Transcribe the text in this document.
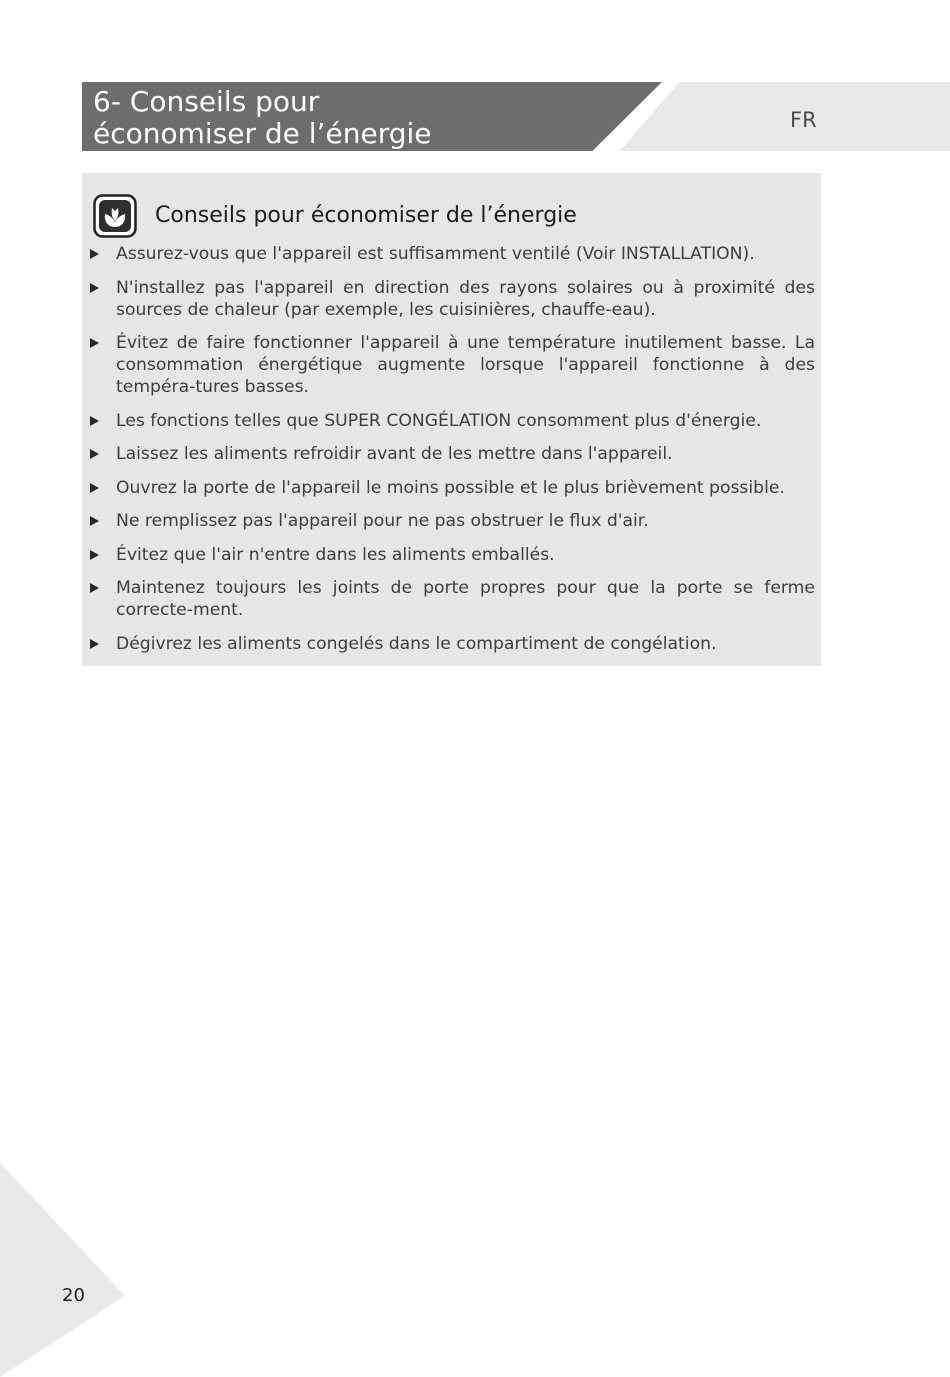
6- Conseils pour
économiser de l’énergie	FR
Conseils pour économiser de l’énergie
Assurez-vous que l'appareil est suffisamment ventilé (Voir INSTALLATION).
N'installez pas l'appareil en direction des rayons solaires ou à proximité des sources de chaleur (par exemple, les cuisinières, chauffe-eau).
Évitez de faire fonctionner l'appareil à une température inutilement basse. La consommation énergétique augmente lorsque l'appareil fonctionne à des tempéra-tures basses.
Les fonctions telles que SUPER CONGÉLATION consomment plus d'énergie.
Laissez les aliments refroidir avant de les mettre dans l'appareil.
Ouvrez la porte de l'appareil le moins possible et le plus brièvement possible.
Ne remplissez pas l'appareil pour ne pas obstruer le flux d'air.
Évitez que l'air n'entre dans les aliments emballés.
Maintenez toujours les joints de porte propres pour que la porte se ferme correcte-ment.
Dégivrez les aliments congelés dans le compartiment de congélation.
20
